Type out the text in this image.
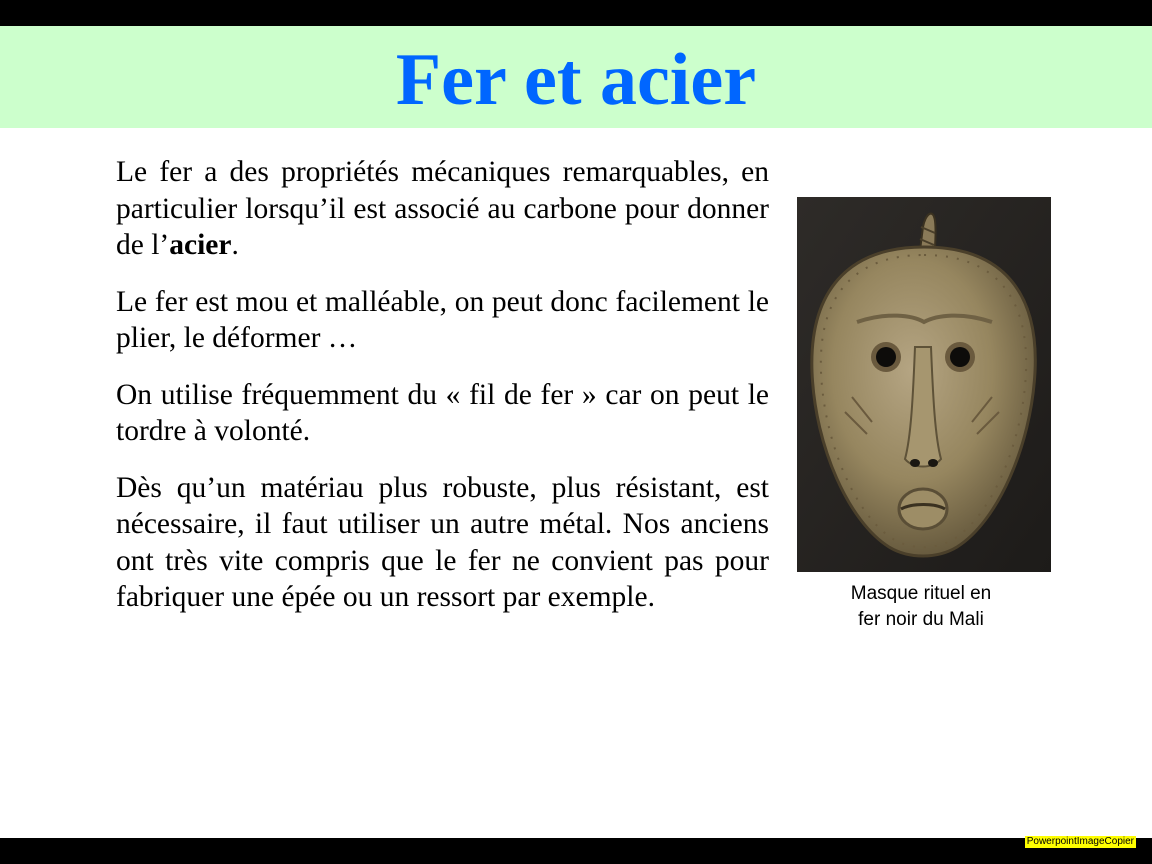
Fer et acier

Le fer a des propriétés mécaniques remarquables, en particulier lorsqu’il est associé au carbone pour donner de l’acier.

Le fer est mou et malléable, on peut donc facilement le plier, le déformer …

On utilise fréquemment du « fil de fer » car on peut le tordre à volonté.

Dès qu’un matériau plus robuste, plus résistant, est nécessaire, il faut utiliser un autre métal. Nos anciens ont très vite compris que le fer ne convient pas pour fabriquer une épée ou un ressort par exemple.	Masque rituel en
fer noir du Mali
PowerpointImageCopier
